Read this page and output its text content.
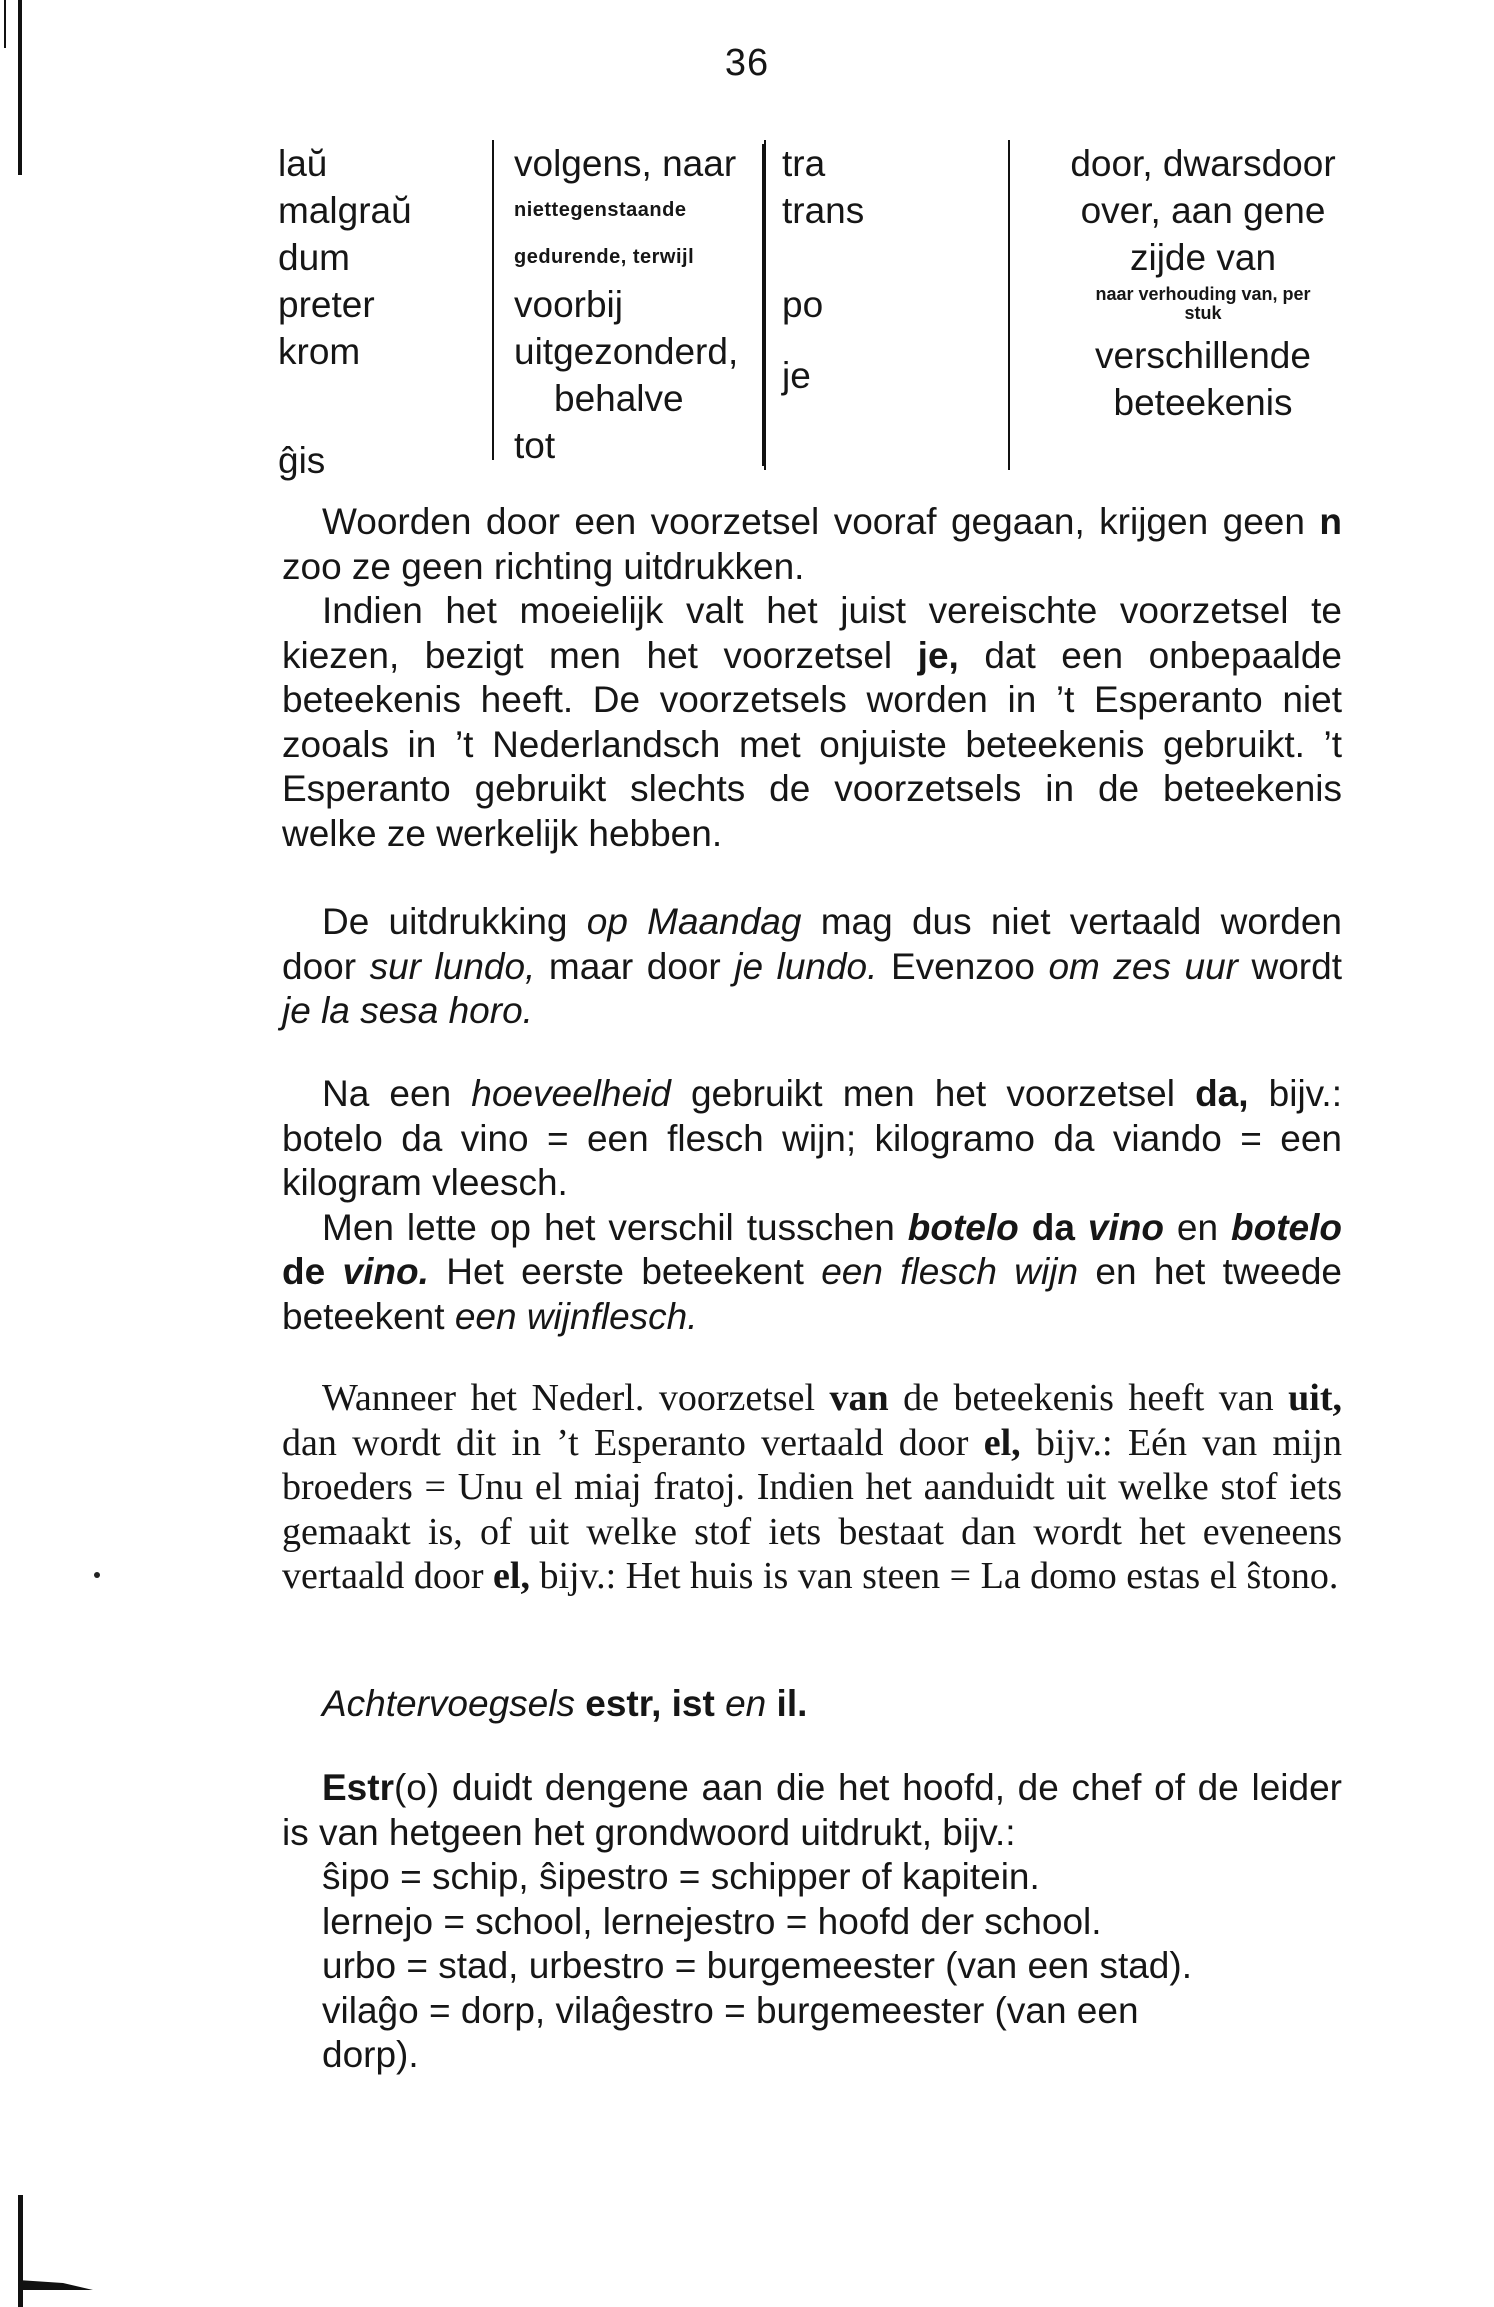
36
laŭ
malgraŭ
dum
preter
krom
ĝis
volgens, naar
niettegenstaande
gedurende, terwijl
voorbij
uitgezonderd,
behalve
tot
tra
trans
po
je
door, dwarsdoor
over, aan gene
zijde van
naar verhouding van, per stuk
verschillende
beteekenis

Woorden door een voorzetsel vooraf gegaan, krijgen geen n zoo ze geen richting uitdrukken.

Indien het moeielijk valt het juist vereischte voorzetsel te kiezen, bezigt men het voorzetsel je, dat een onbepaalde beteekenis heeft. De voorzetsels worden in ’t Esperanto niet zooals in ’t Nederlandsch met onjuiste beteekenis gebruikt. ’t Esperanto gebruikt slechts de voorzetsels in de beteekenis welke ze werkelijk hebben.

De uitdrukking op Maandag mag dus niet vertaald worden door sur lundo, maar door je lundo. Evenzoo om zes uur wordt je la sesa horo.

Na een hoeveelheid gebruikt men het voorzetsel da, bijv.: botelo da vino = een flesch wijn; kilogramo da viando = een kilogram vleesch.

Men lette op het verschil tusschen botelo da vino en botelo de vino. Het eerste beteekent een flesch wijn en het tweede beteekent een wijnflesch.

Wanneer het Nederl. voorzetsel van de beteekenis heeft van uit, dan wordt dit in ’t Esperanto vertaald door el, bijv.: Eén van mijn broeders = Unu el miaj fratoj. Indien het aanduidt uit welke stof iets gemaakt is, of uit welke stof iets bestaat dan wordt het eveneens vertaald door el, bijv.: Het huis is van steen = La domo estas el ŝtono.

Achtervoegsels estr, ist en il.

Estr(o) duidt dengene aan die het hoofd, de chef of de leider is van hetgeen het grondwoord uitdrukt, bijv.:

ŝipo = schip, ŝipestro = schipper of kapitein.
lernejo = school, lernejestro = hoofd der school.
urbo = stad, urbestro = burgemeester (van een stad).
vilaĝo = dorp, vilaĝestro = burgemeester (van een
dorp).
